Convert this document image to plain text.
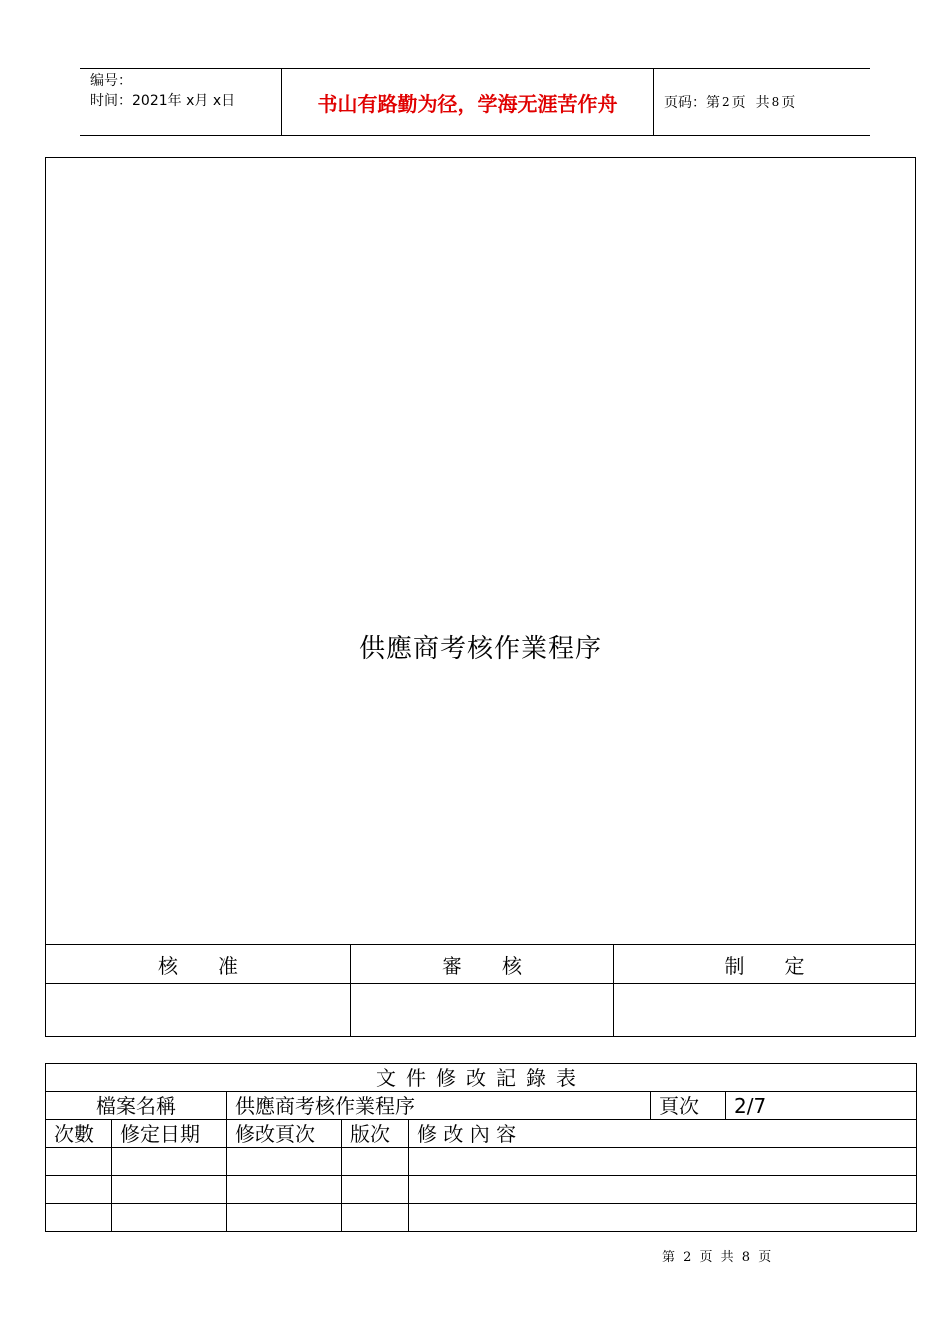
编号：
时间：2021年 x月 x日	书山有路勤为径，学海无涯苦作舟	页码：第 2 页 共 8 页
供應商考核作業程序
核　　准	審　　核	制　　定
文件修改記錄表						
檔案名稱		供應商考核作業程序			頁次	2/7
次數	修定日期	修改頁次	版次	修 改 內 容		

第 2 页 共 8 页
